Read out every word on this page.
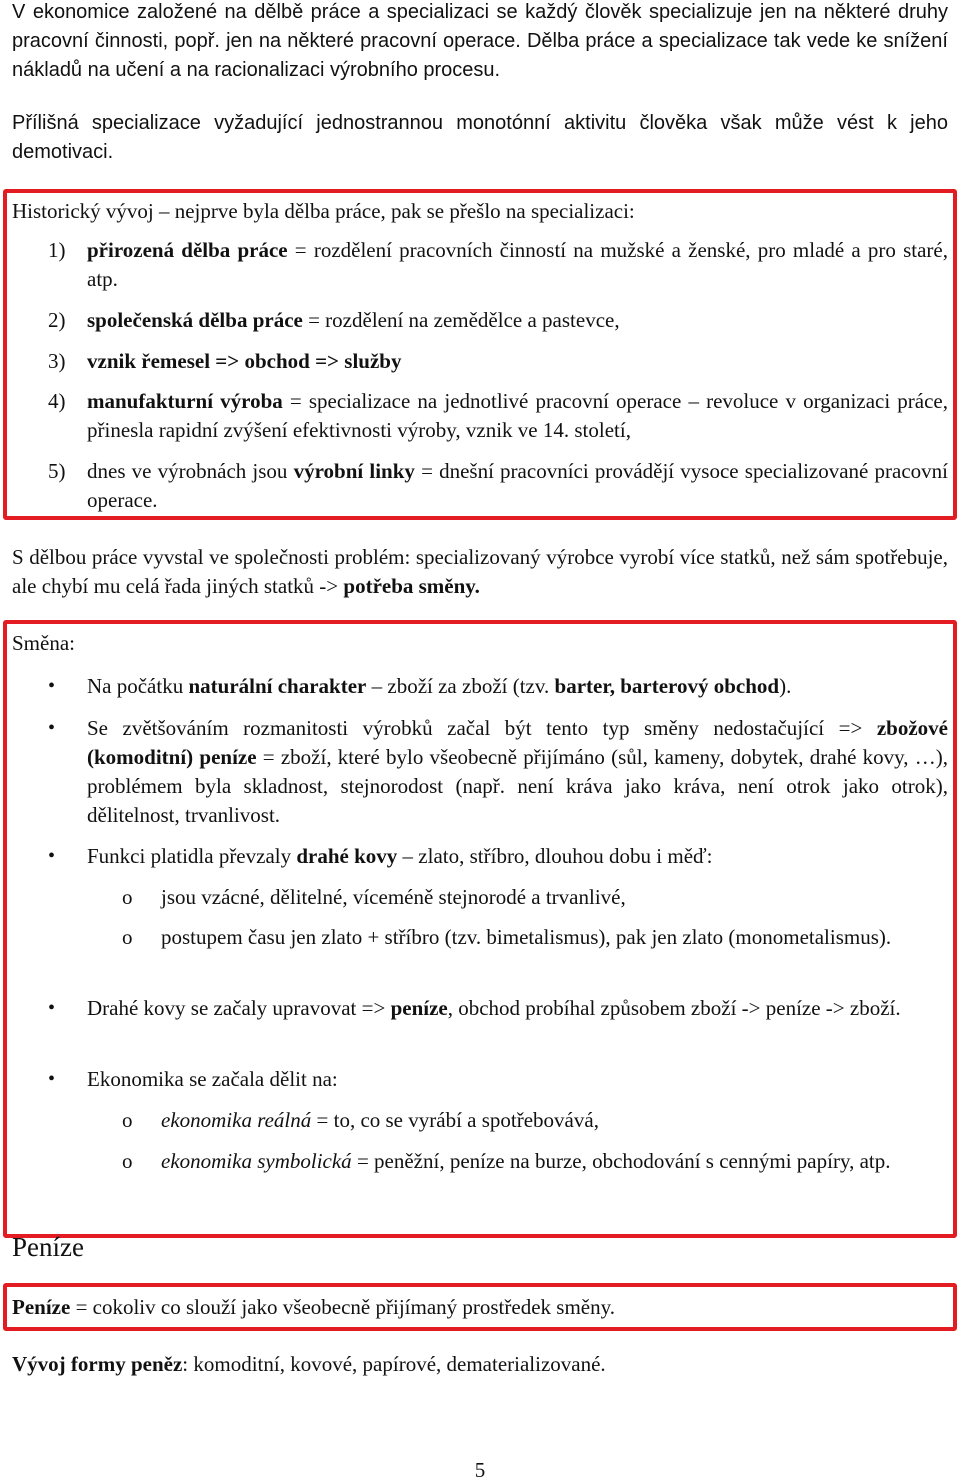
V ekonomice založené na dělbě práce a specializaci se každý člověk specializuje jen na některé druhy pracovní činnosti, popř. jen na některé pracovní operace. Dělba práce a specializace tak vede ke snížení nákladů na učení a na racionalizaci výrobního procesu.

Přílišná specializace vyžadující jednostrannou monotónní aktivitu člověka však může vést k jeho demotivaci.

Historický vývoj – nejprve byla dělba práce, pak se přešlo na specializaci:

1) přirozená dělba práce = rozdělení pracovních činností na mužské a ženské, pro mladé a pro staré, atp.

2) společenská dělba práce = rozdělení na zemědělce a pastevce,

3) vznik řemesel => obchod => služby

4) manufakturní výroba = specializace na jednotlivé pracovní operace – revoluce v organizaci práce, přinesla rapidní zvýšení efektivnosti výroby, vznik ve 14. století,

5) dnes ve výrobnách jsou výrobní linky = dnešní pracovníci provádějí vysoce specializované pracovní operace.

S dělbou práce vyvstal ve společnosti problém: specializovaný výrobce vyrobí více statků, než sám spotřebuje, ale chybí mu celá řada jiných statků -> potřeba směny.

Směna:

• Na počátku naturální charakter – zboží za zboží (tzv. barter, barterový obchod).

• Se zvětšováním rozmanitosti výrobků začal být tento typ směny nedostačující => zbožové (komoditní) peníze = zboží, které bylo všeobecně přijímáno (sůl, kameny, dobytek, drahé kovy, …), problémem byla skladnost, stejnorodost (např. není kráva jako kráva, není otrok jako otrok), dělitelnost, trvanlivost.

• Funkci platidla převzaly drahé kovy – zlato, stříbro, dlouhou dobu i měď:

o jsou vzácné, dělitelné, víceméně stejnorodé a trvanlivé,

o postupem času jen zlato + stříbro (tzv. bimetalismus), pak jen zlato (monometalismus).

• Drahé kovy se začaly upravovat => peníze, obchod probíhal způsobem zboží -> peníze -> zboží.

• Ekonomika se začala dělit na:

o ekonomika reálná = to, co se vyrábí a spotřebovává,

o ekonomika symbolická = peněžní, peníze na burze, obchodování s cennými papíry, atp.

Peníze

Peníze = cokoliv co slouží jako všeobecně přijímaný prostředek směny.

Vývoj formy peněz: komoditní, kovové, papírové, dematerializované.

5
